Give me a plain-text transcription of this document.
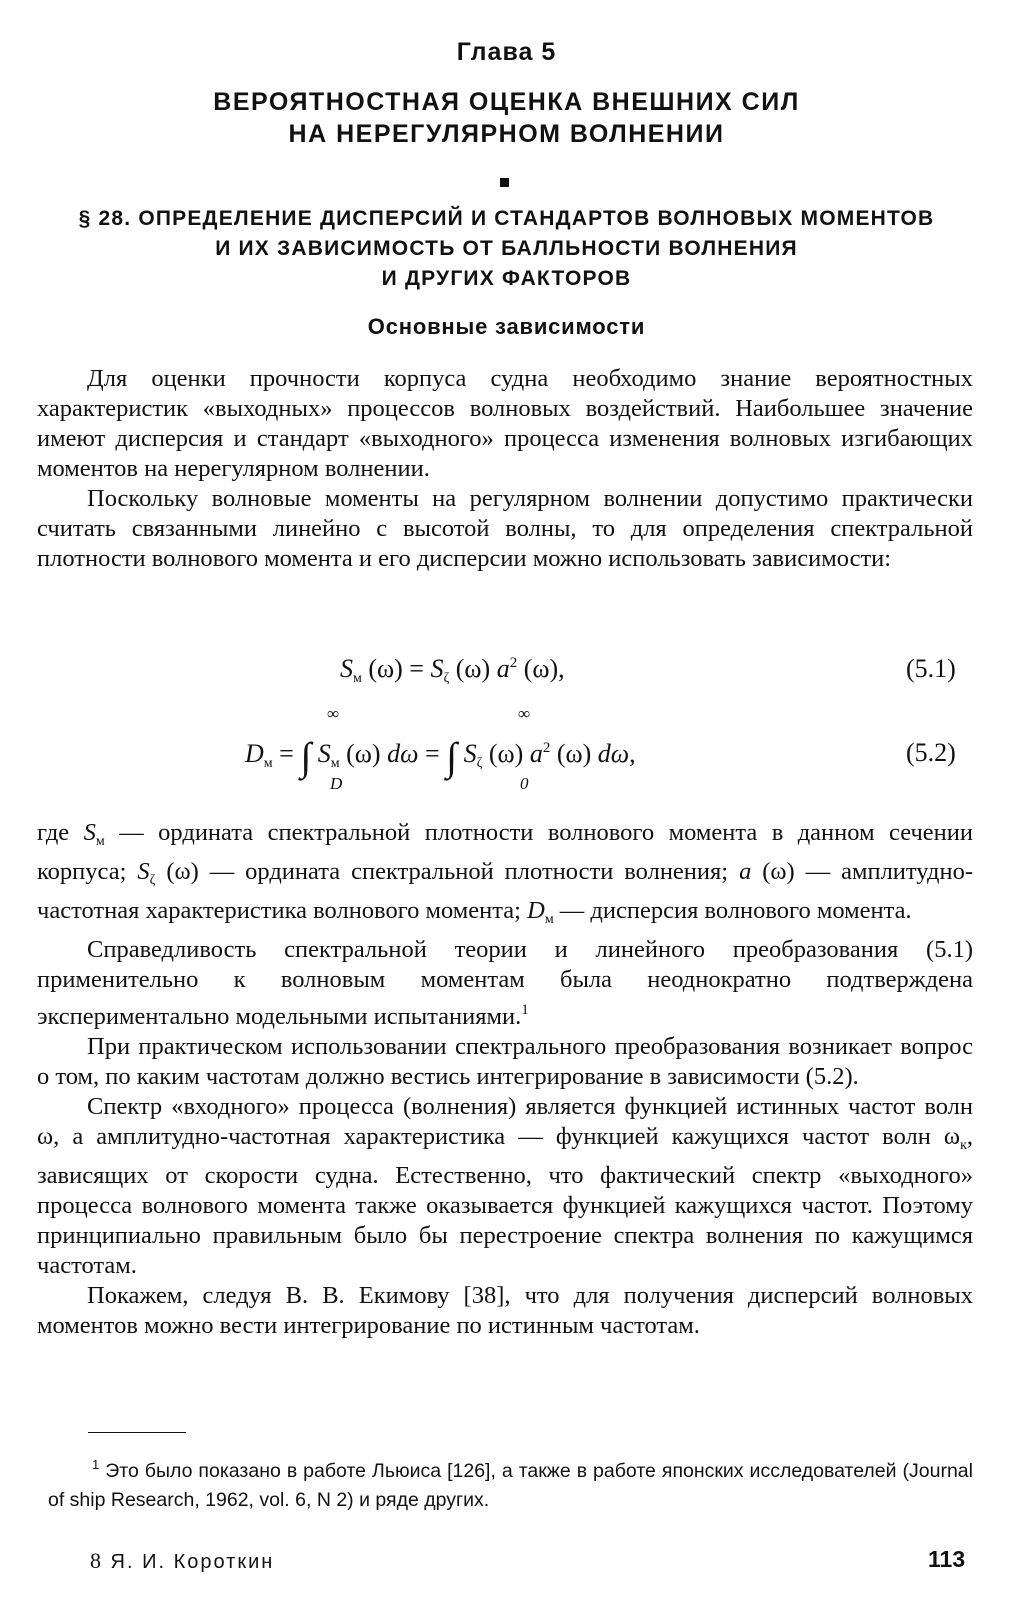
Глава 5
ВЕРОЯТНОСТНАЯ ОЦЕНКА ВНЕШНИХ СИЛ
НА НЕРЕГУЛЯРНОМ ВОЛНЕНИИ
§ 28. ОПРЕДЕЛЕНИЕ ДИСПЕРСИЙ И СТАНДАРТОВ ВОЛНОВЫХ МОМЕНТОВ
И ИХ ЗАВИСИМОСТЬ ОТ БАЛЛЬНОСТИ ВОЛНЕНИЯ
И ДРУГИХ ФАКТОРОВ
Основные зависимости

Для оценки прочности корпуса судна необходимо знание вероятностных характеристик «выходных» процессов волновых воздействий. Наибольшее значение имеют дисперсия и стандарт «выходного» процесса изменения волновых изгибающих моментов на нерегулярном волнении.

Поскольку волновые моменты на регулярном волнении допустимо практически считать связанными линейно с высотой волны, то для определения спектральной плотности волнового момента и его дисперсии можно использовать зависимости:

$S_м$ $(\omega) = S_\zeta$ (ω) $a^2$ (ω),	(5.1)
∞
D
∞
0
$D_м$ = ∫ $S_м$ (ω) dω = ∫ $S_\zeta$ (ω) $a^2$ (ω) dω,	(5.2)

где $S_м$ — ордината спектральной плотности волнового момента в данном сечении корпуса; $S_\zeta$ (ω) — ордината спектральной плотности волнения; a (ω) — амплитудно-частотная характеристика волнового момента; $D_м$ — дисперсия волнового момента.

Справедливость спектральной теории и линейного преобразования (5.1) применительно к волновым моментам была неоднократно подтверждена экспериментально модельными испытаниями.$^1$

При практическом использовании спектрального преобразования возникает вопрос о том, по каким частотам должно вестись интегрирование в зависимости (5.2).

Спектр «входного» процесса (волнения) является функцией истинных частот волн ω, а амплитудно-частотная характеристика — функцией кажущихся частот волн $\omega_к$, зависящих от скорости судна. Естественно, что фактический спектр «выходного» процесса волнового момента также оказывается функцией кажущихся частот. Поэтому принципиально правильным было бы перестроение спектра волнения по кажущимся частотам.

Покажем, следуя В. В. Екимову [38], что для получения дисперсий волновых моментов можно вести интегрирование по истинным частотам.

$^1$ Это было показано в работе Льюиса [126], а также в работе японских исследователей (Journal of ship Research, 1962, vol. 6, N 2) и ряде других.

8 Я. И. Короткин	113
